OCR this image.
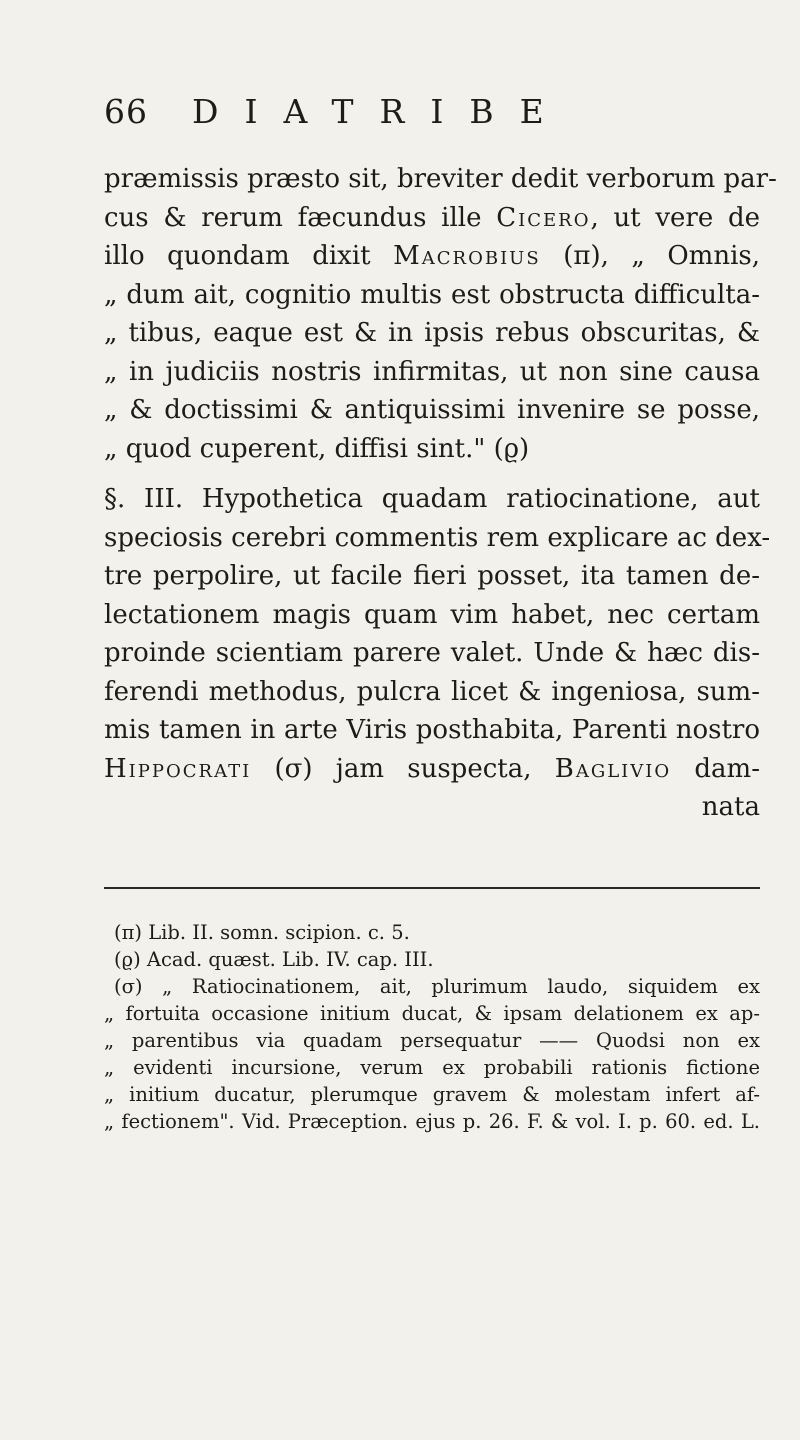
66	DIATRIBE
præmissis præsto sit, breviter dedit verborum par-
cus & rerum fæcundus ille Cicero, ut vere de
illo quondam dixit Macrobius (π), „ Omnis,
„ dum ait, cognitio multis est obstructa difficulta-
„ tibus, eaque est & in ipsis rebus obscuritas, &
„ in judiciis nostris infirmitas, ut non sine causa
„ & doctissimi & antiquissimi invenire se posse,
„ quod cuperent, diffisi sint." (ϱ)
§. III. Hypothetica quadam ratiocinatione, aut
speciosis cerebri commentis rem explicare ac dex-
tre perpolire, ut facile fieri posset, ita tamen de-
lectationem magis quam vim habet, nec certam
proinde scientiam parere valet. Unde & hæc dis-
ferendi methodus, pulcra licet & ingeniosa, sum-
mis tamen in arte Viris posthabita, Parenti nostro
Hippocrati (σ) jam suspecta, Baglivio dam-
nata
(π) Lib. II. somn. scipion. c. 5.
(ϱ) Acad. quæst. Lib. IV. cap. III.
(σ) „ Ratiocinationem, ait, plurimum laudo, siquidem ex
„ fortuita occasione initium ducat, & ipsam delationem ex ap-
„ parentibus via quadam persequatur —— Quodsi non ex
„ evidenti incursione, verum ex probabili rationis fictione
„ initium ducatur, plerumque gravem & molestam infert af-
„ fectionem". Vid. Præception. ejus p. 26. F. & vol. I. p. 60. ed. L.
